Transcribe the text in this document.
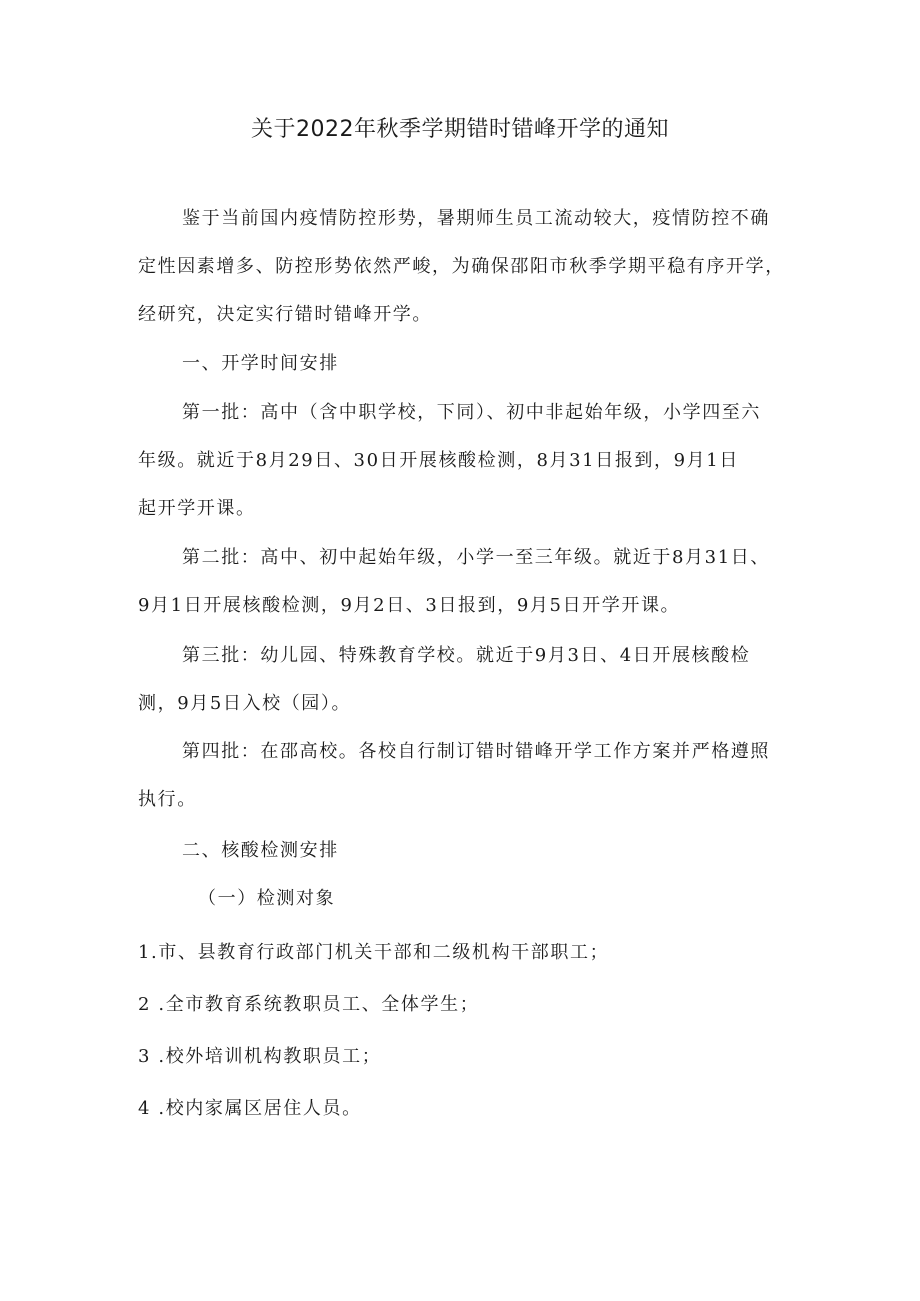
关于2022年秋季学期错时错峰开学的通知
鉴于当前国内疫情防控形势，暑期师生员工流动较大，疫情防控不确
定性因素增多、防控形势依然严峻，为确保邵阳市秋季学期平稳有序开学，
经研究，决定实行错时错峰开学。
一、开学时间安排
第一批：高中（含中职学校，下同）、初中非起始年级，小学四至六
年级。就近于8月29日、30日开展核酸检测，8月31日报到，9月1日
起开学开课。
第二批：高中、初中起始年级，小学一至三年级。就近于8月31日、
9月1日开展核酸检测，9月2日、3日报到，9月5日开学开课。
第三批：幼儿园、特殊教育学校。就近于9月3日、4日开展核酸检
测，9月5日入校（园）。
第四批：在邵高校。各校自行制订错时错峰开学工作方案并严格遵照
执行。
二、核酸检测安排
（一）检测对象
1.市、县教育行政部门机关干部和二级机构干部职工；
2 .全市教育系统教职员工、全体学生；
3 .校外培训机构教职员工；
4 .校内家属区居住人员。
